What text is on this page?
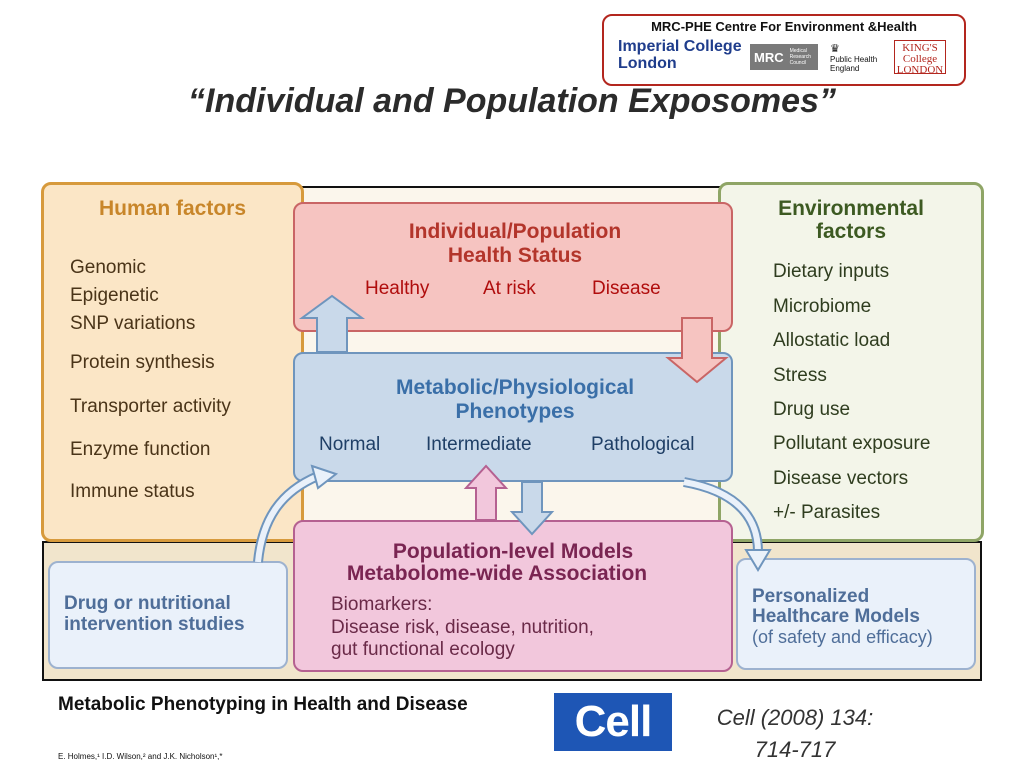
MRC-PHE Centre For Environment &Health
Imperial College London	MRC Medical Research Council
♛
Public Health England
KING'S College LONDON
“Individual and Population Exposomes”
Human factors
Genomic
Epigenetic
SNP variations
Protein synthesis
Transporter activity
Enzyme function
Immune status
Environmental factors
Dietary inputs
Microbiome
Allostatic load
Stress
Drug use
Pollutant exposure
Disease vectors
+/- Parasites
Drug or nutritional
intervention studies
Personalized
Healthcare Models
(of safety and efficacy)
Individual/Population Health Status
Healthy	At risk	Disease
Metabolic/Physiological Phenotypes
Normal Intermediate	Pathological
Population-level Models
Metabolome-wide Association
Biomarkers:
Disease risk, disease, nutrition,
gut functional ecology
Metabolic Phenotyping in Health and Disease
E. Holmes,¹ I.D. Wilson,² and J.K. Nicholson¹,*
Cell	Cell (2008) 134:
714-717
